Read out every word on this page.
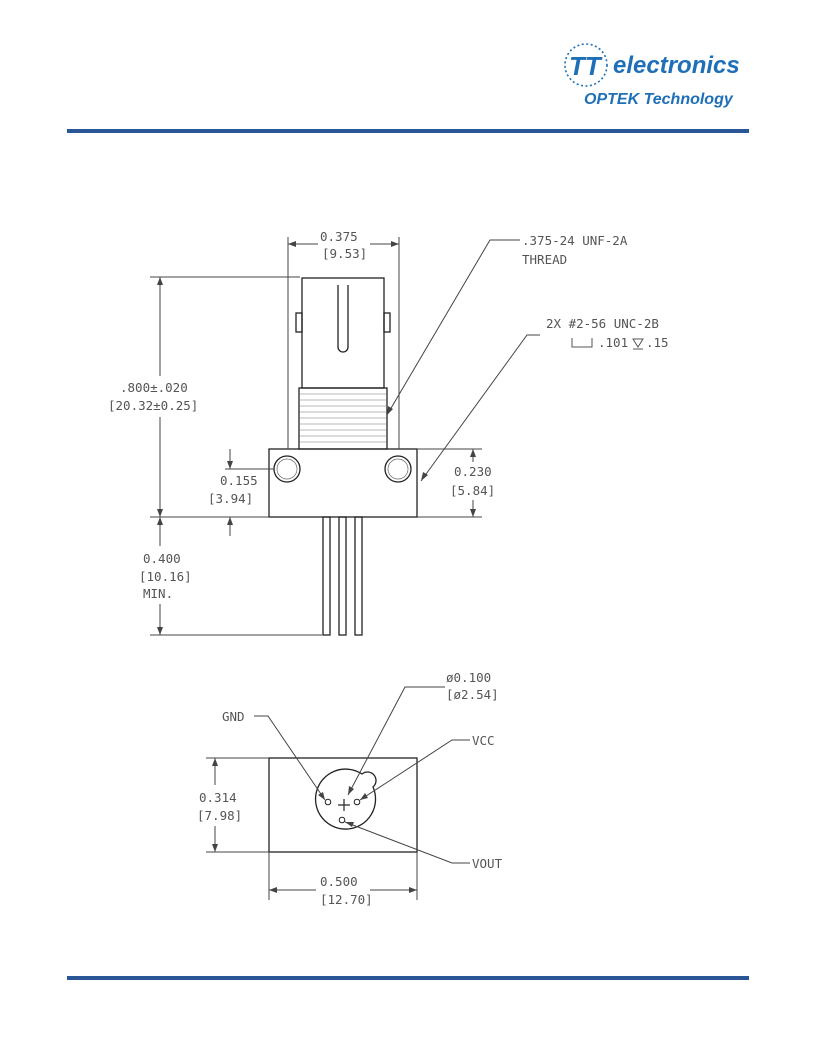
TT electronics
OPTEK Technology
0.375
[9.53]
.375-24 UNF-2A
THREAD
2X #2-56 UNC-2B
.101 .15
.800±.020
[20.32±0.25]
0.155
[3.94]
0.230
[5.84]
0.400
[10.16]
MIN.
ø0.100
[ø2.54]
GND
VCC
VOUT
0.314
[7.98]
0.500
[12.70]
